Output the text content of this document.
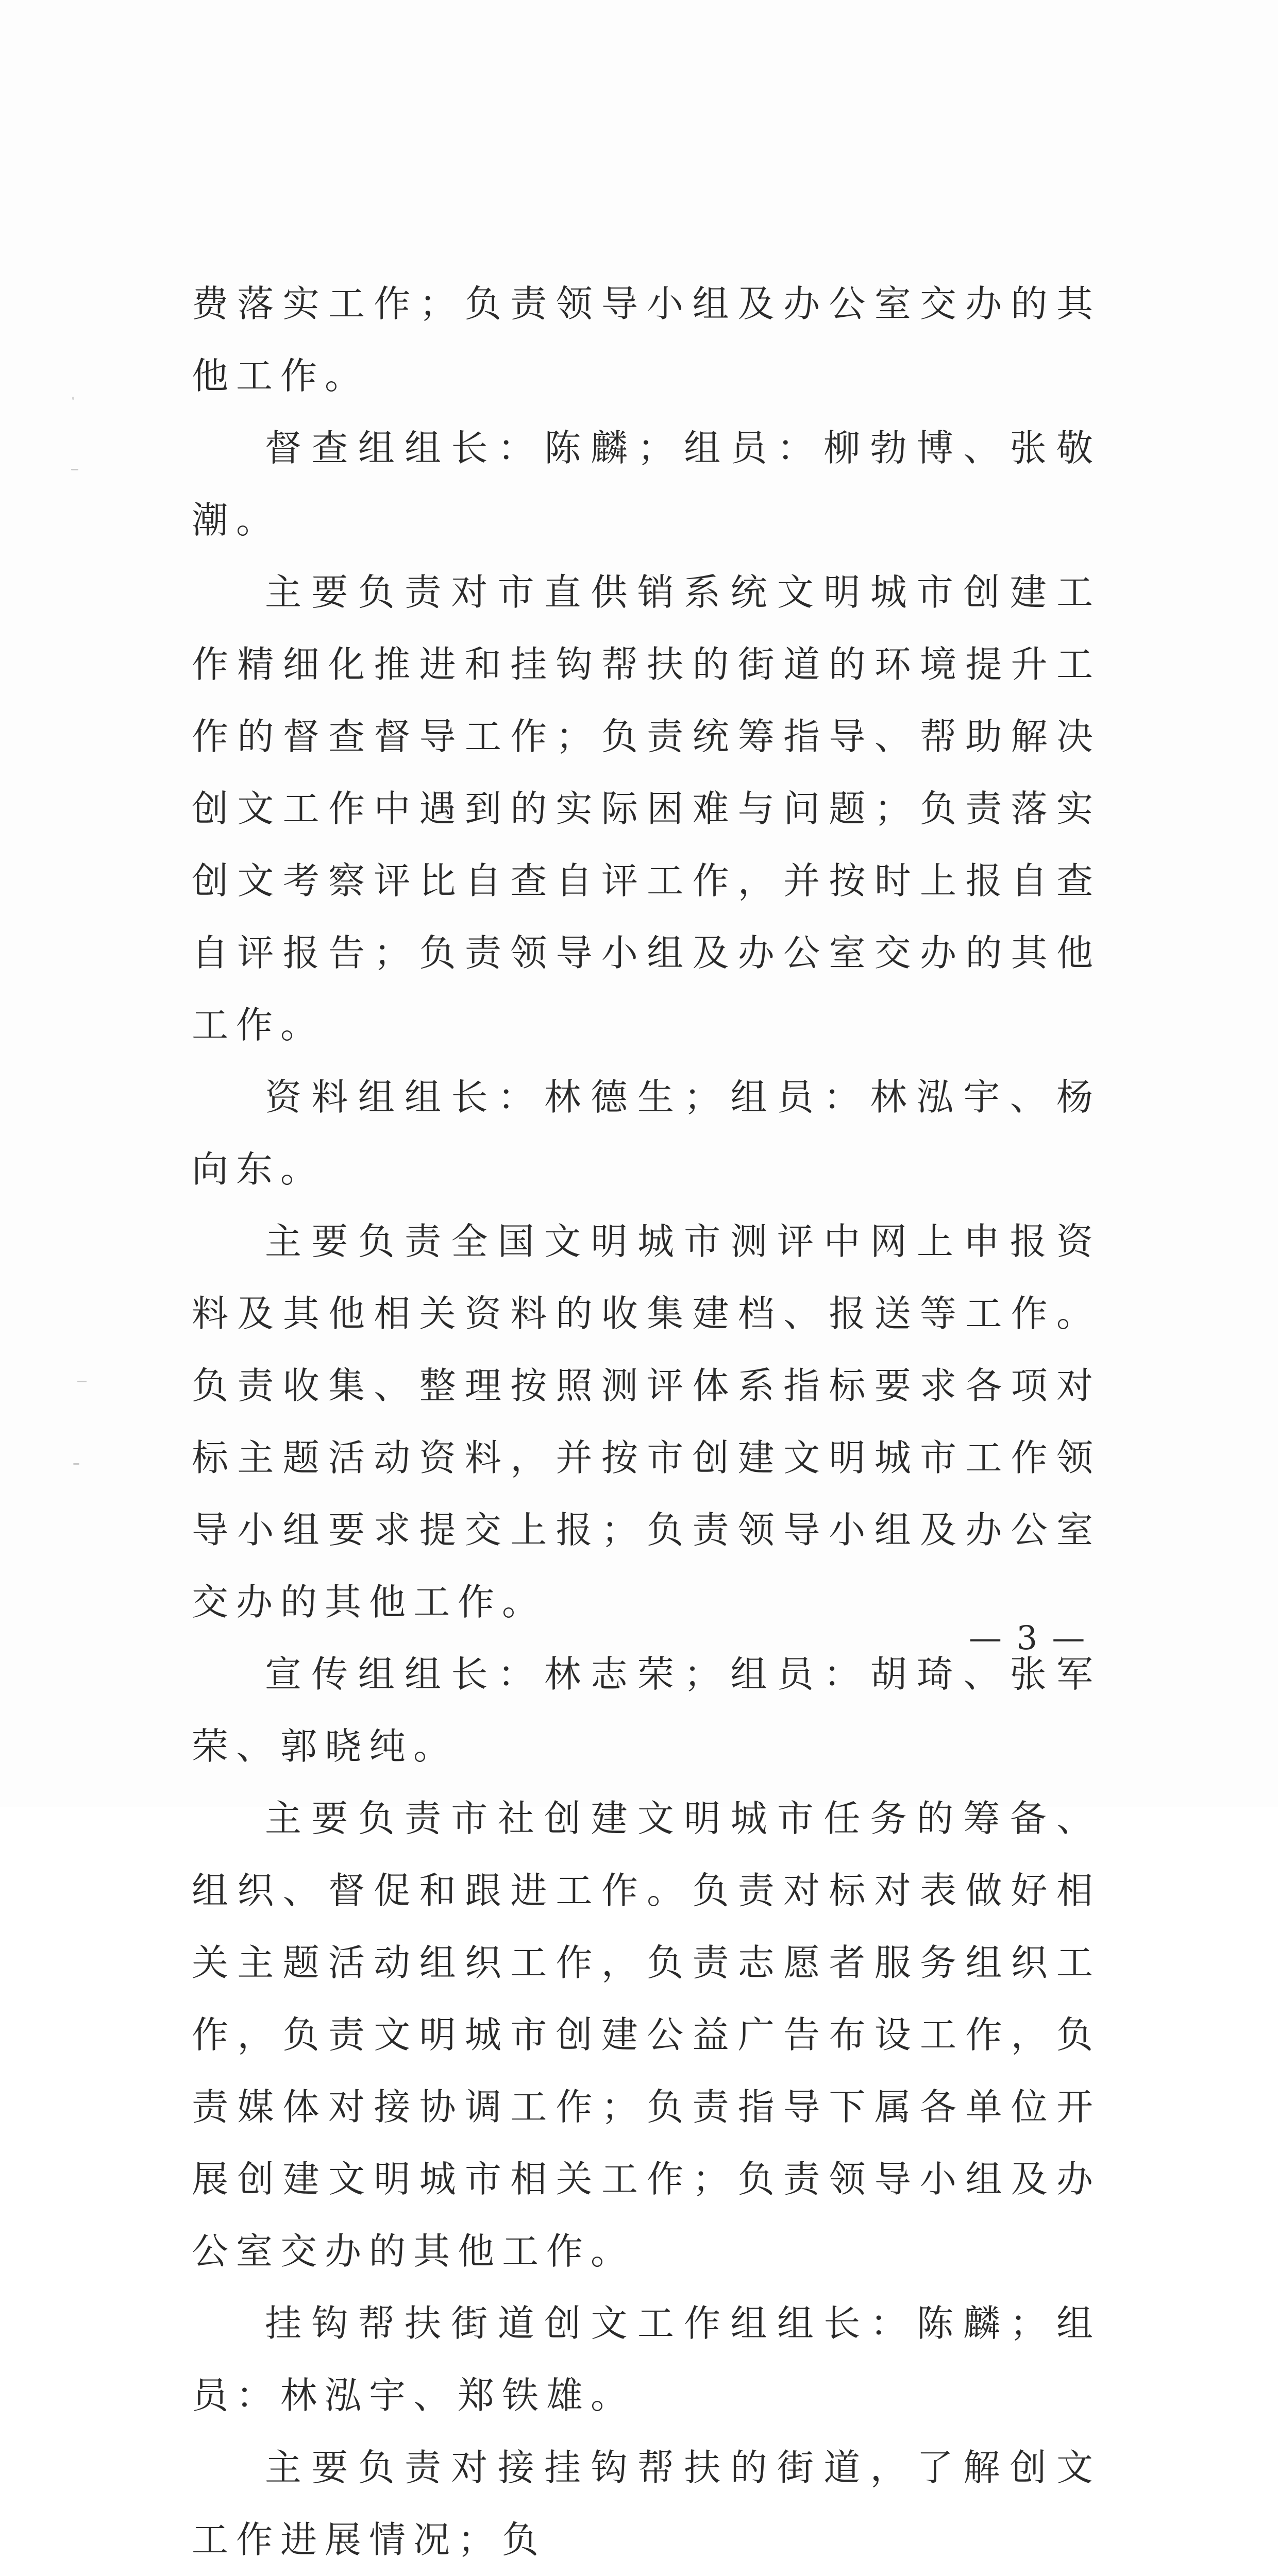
费落实工作；负责领导小组及办公室交办的其他工作。

督查组组长：陈麟；组员：柳勃博、张敬潮。

主要负责对市直供销系统文明城市创建工作精细化推进和挂钩帮扶的街道的环境提升工作的督查督导工作；负责统筹指导、帮助解决创文工作中遇到的实际困难与问题；负责落实创文考察评比自查自评工作，并按时上报自查自评报告；负责领导小组及办公室交办的其他工作。

资料组组长：林德生；组员：林泓宇、杨向东。

主要负责全国文明城市测评中网上申报资料及其他相关资料的收集建档、报送等工作。负责收集、整理按照测评体系指标要求各项对标主题活动资料，并按市创建文明城市工作领导小组要求提交上报；负责领导小组及办公室交办的其他工作。

宣传组组长：林志荣；组员：胡琦、张军荣、郭晓纯。

主要负责市社创建文明城市任务的筹备、组织、督促和跟进工作。负责对标对表做好相关主题活动组织工作，负责志愿者服务组织工作，负责文明城市创建公益广告布设工作，负责媒体对接协调工作；负责指导下属各单位开展创建文明城市相关工作；负责领导小组及办公室交办的其他工作。

挂钩帮扶街道创文工作组组长：陈麟；组员：林泓宇、郑铁雄。

主要负责对接挂钩帮扶的街道，了解创文工作进展情况；负

— 3 —
